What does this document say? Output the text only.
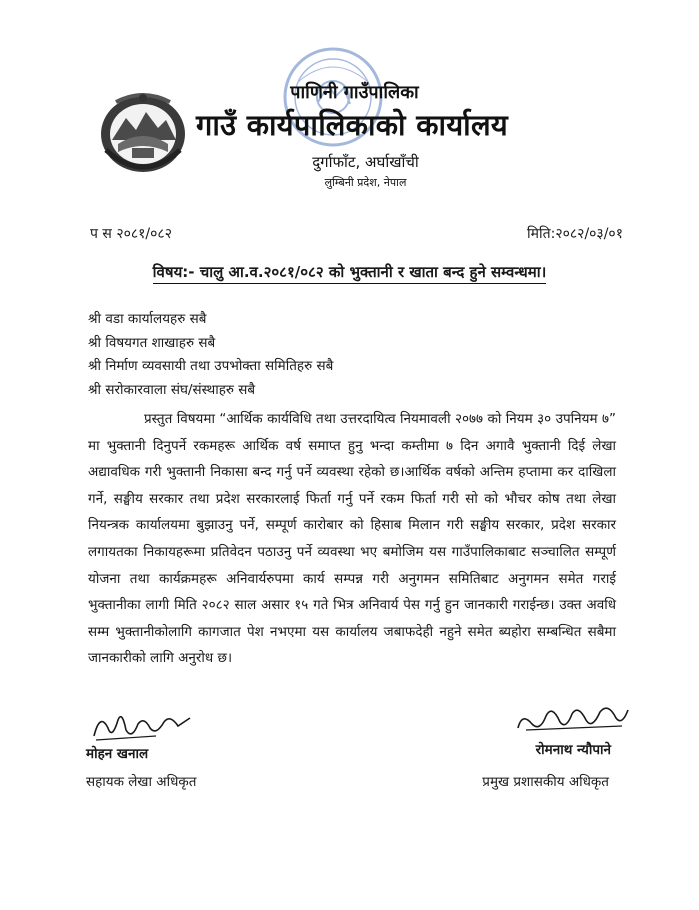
पाणिनी गाउँपालिका
गाउँ कार्यपालिकाको कार्यालय
दुर्गाफाँट, अर्घाखाँची
लुम्बिनी प्रदेश, नेपाल
प स २०८१/०८२	मिति:२०८२/०३/०१
विषय:- चालु आ.व.२०८१/०८२ को भुक्तानी र खाता बन्द हुने सम्वन्धमा।
श्री वडा कार्यालयहरु सबै
श्री विषयगत शाखाहरु सबै
श्री निर्माण व्यवसायी तथा उपभोक्ता समितिहरु सबै
श्री सरोकारवाला संघ/संस्थाहरु सबै
प्रस्तुत विषयमा “आर्थिक कार्यविधि तथा उत्तरदायित्व नियमावली २०७७ को नियम ३० उपनियम ७” मा भुक्तानी दिनुपर्ने रकमहरू आर्थिक वर्ष समाप्त हुनु भन्दा कम्तीमा ७ दिन अगावै भुक्तानी दिई लेखा अद्यावधिक गरी भुक्तानी निकासा बन्द गर्नु पर्ने व्यवस्था रहेको छ।आर्थिक वर्षको अन्तिम हप्तामा कर दाखिला गर्ने, सङ्घीय सरकार तथा प्रदेश सरकारलाई फिर्ता गर्नु पर्ने रकम फिर्ता गरी सो को भौचर कोष तथा लेखा नियन्त्रक कार्यालयमा बुझाउनु पर्ने, सम्पूर्ण कारोबार को हिसाब मिलान गरी सङ्घीय सरकार, प्रदेश सरकार लगायतका निकायहरूमा प्रतिवेदन पठाउनु पर्ने व्यवस्था भए बमोजिम यस गाउँपालिकाबाट सञ्चालित सम्पूर्ण योजना तथा कार्यक्रमहरू अनिवार्यरुपमा कार्य सम्पन्न गरी अनुगमन समितिबाट अनुगमन समेत गराई भुक्तानीका लागी मिति २०८२ साल असार १५ गते भित्र अनिवार्य पेस गर्नु हुन जानकारी गराईन्छ। उक्त अवधि सम्म भुक्तानीकोलागि कागजात पेश नभएमा यस कार्यालय जबाफदेही नहुने समेत ब्यहोरा सम्बन्धित सबैमा जानकारीको लागि अनुरोध छ।
मोहन खनाल
सहायक लेखा अधिकृत
रोमनाथ न्यौपाने
प्रमुख प्रशासकीय अधिकृत
